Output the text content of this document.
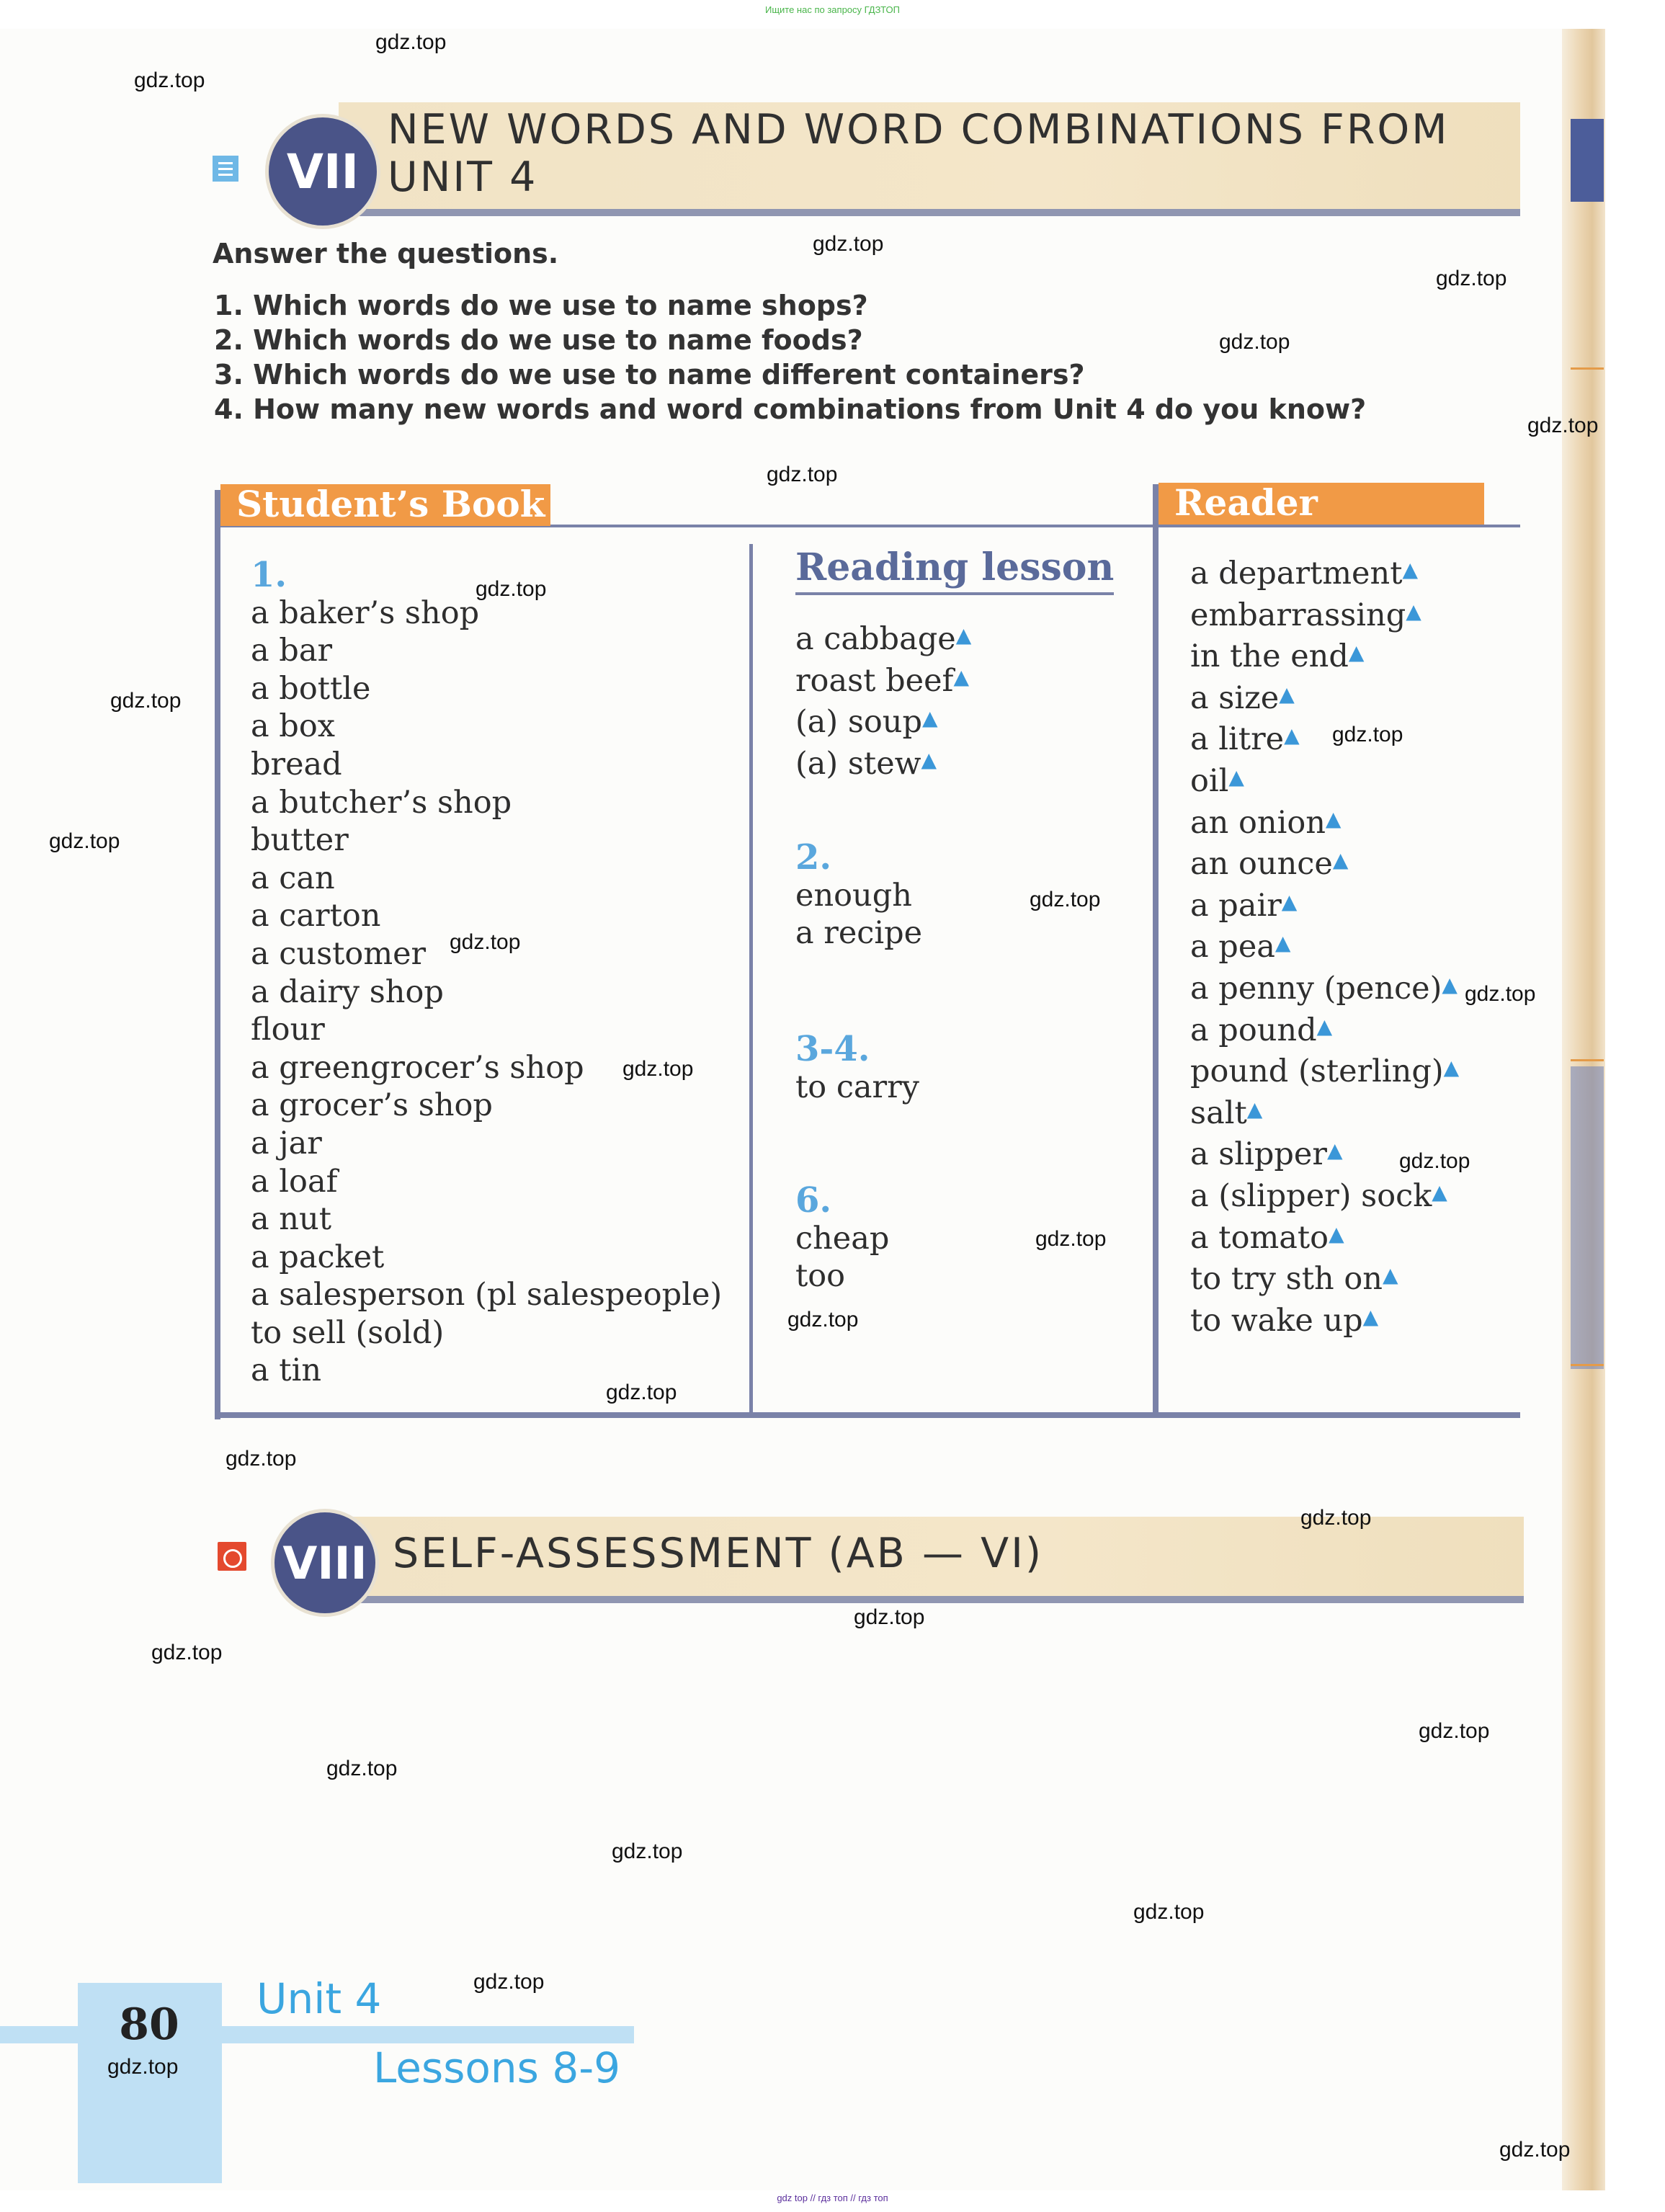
Ищите нас по запросу ГДЗТОП
VII
NEW WORDS AND WORD COMBINATIONS FROM
UNIT 4
Answer the questions.
1. Which words do we use to name shops?
2. Which words do we use to name foods?
3. Which words do we use to name different containers?
4. How many new words and word combinations from Unit 4 do you know?
Student’s Book	Reader
1.
a baker’s shop
a bar
a bottle
a box
bread
a butcher’s shop
butter
a can
a carton
a customer
a dairy shop
flour
a greengrocer’s shop
a grocer’s shop
a jar
a loaf
a nut
a packet
a salesperson (pl salespeople)
to sell (sold)
a tin
Reading lesson
a cabbage▲
roast beef▲
(a) soup▲
(a) stew▲
2.
enough
a recipe
3-4.
to carry
6.
cheap
too
a department▲
embarrassing▲
in the end▲
a size▲
a litre▲
oil▲
an onion▲
an ounce▲
a pair▲
a pea▲
a penny (pence)▲
a pound▲
pound (sterling)▲
salt▲
a slipper▲
a (slipper) sock▲
a tomato▲
to try sth on▲
to wake up▲
VIII SELF-ASSESSMENT (AB — VI)
80
Unit 4
Lessons 8-9
gdz top // гдз топ // гдз топ
gdz.top
gdz.top
gdz.top
gdz.top
gdz.top
gdz.top
gdz.top
gdz.top
gdz.top
gdz.top
gdz.top
gdz.top
gdz.top
gdz.top
gdz.top
gdz.top
gdz.top
gdz.top
gdz.top
gdz.top
gdz.top
gdz.top
gdz.top
gdz.top
gdz.top
gdz.top
gdz.top
gdz.top
gdz.top
gdz.top
